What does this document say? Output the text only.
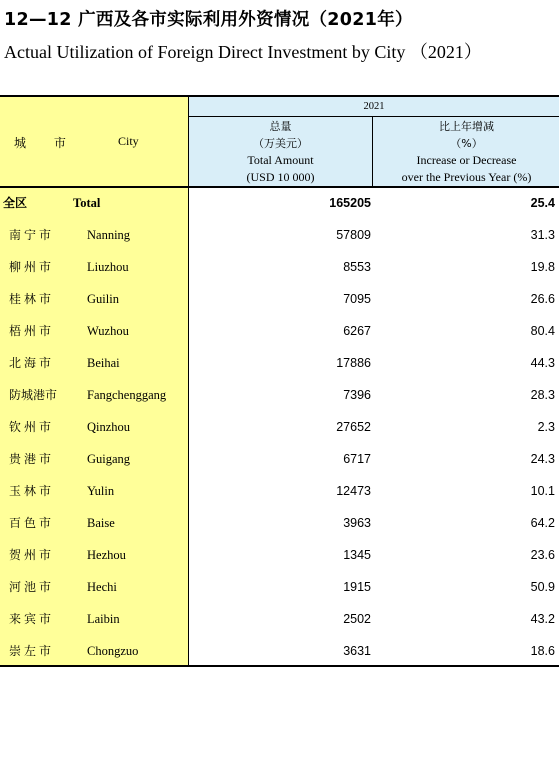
12—12 广西及各市实际利用外资情况（2021年）
Actual Utilization of Foreign Direct Investment by City （2021）
城 市	City
2021
总量
（万美元）
Total Amount
(USD 10 000)
比上年增减
（%）
Increase or Decrease
over the Previous Year (%)
全区	Total	165205	25.4
南宁市	Nanning	57809	31.3
柳州市	Liuzhou	8553	19.8
桂林市	Guilin	7095	26.6
梧州市	Wuzhou	6267	80.4
北海市	Beihai	17886	44.3
防城港市 Fangchenggang	7396	28.3
钦州市	Qinzhou	27652	2.3
贵港市	Guigang	6717	24.3
玉林市	Yulin	12473	10.1
百色市	Baise	3963	64.2
贺州市	Hezhou	1345	23.6
河池市	Hechi	1915	50.9
来宾市	Laibin	2502	43.2
崇左市	Chongzuo	3631	18.6
